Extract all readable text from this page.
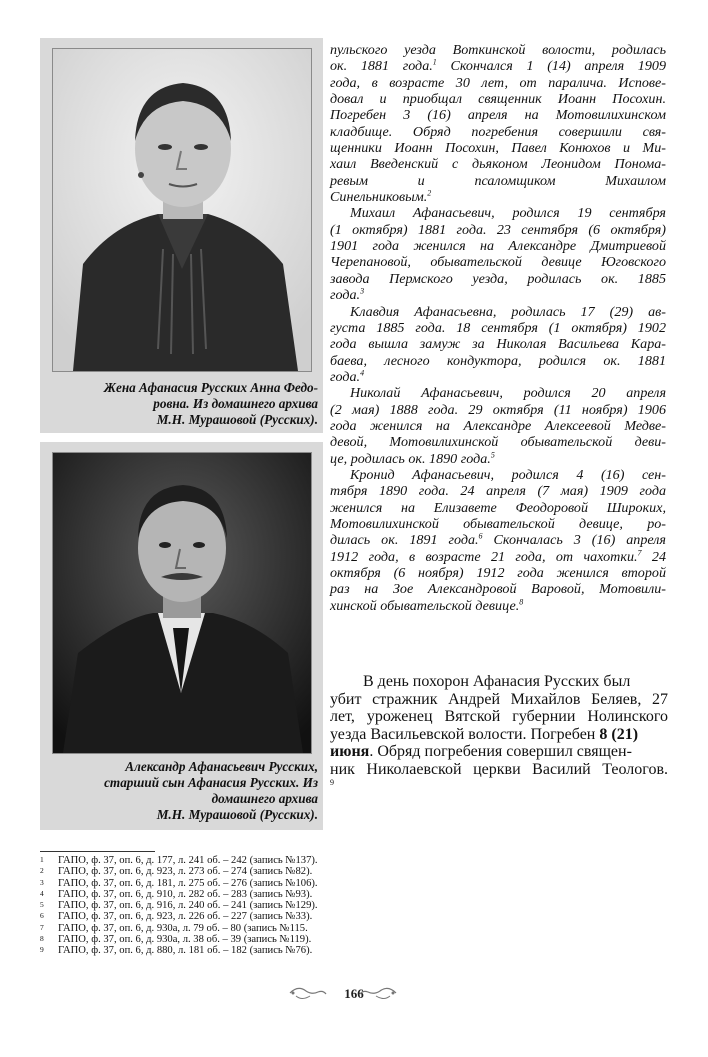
Жена Афанасия Русских Анна Федо-
ровна. Из домашнего архива
М.Н. Мурашовой (Русских).
Александр Афанасьевич Русских,
старший сын Афанасия Русских. Из
домашнего архива
М.Н. Мурашовой (Русских).
пульского уезда Воткинской волости, родилась
ок. 1881 года.$^1$ Скончался 1 (14) апреля 1909
года, в возрасте 30 лет, от паралича. Испове-
довал и приобщал священник Иоанн Посохин.
Погребен 3 (16) апреля на Мотовилихинском
кладбище. Обряд погребения совершили свя-
щенники Иоанн Посохин, Павел Конюхов и Ми-
хаил Введенский с дьяконом Леонидом Понома-
ревым и псаломщиком Михаилом
Синельниковым.$^2$
Михаил Афанасьевич, родился 19 сентября
(1 октября) 1881 года. 23 сентября (6 октября)
1901 года женился на Александре Дмитриевой
Черепановой, обывательской девице Юговского
завода Пермского уезда, родилась ок. 1885
года.$^3$
Клавдия Афанасьевна, родилась 17 (29) ав-
густа 1885 года. 18 сентября (1 октября) 1902
года вышла замуж за Николая Васильева Кара-
баева, лесного кондуктора, родился ок. 1881
года.$^4$
Николай Афанасьевич, родился 20 апреля
(2 мая) 1888 года. 29 октября (11 ноября) 1906
года женился на Александре Алексеевой Медве-
девой, Мотовилихинской обывательской деви-
це, родилась ок. 1890 года.$^5$
Кронид Афанасьевич, родился 4 (16) сен-
тября 1890 года. 24 апреля (7 мая) 1909 года
женился на Елизавете Феодоровой Широких,
Мотовилихинской обывательской девице, ро-
дилась ок. 1891 года.$^6$ Скончалась 3 (16) апреля
1912 года, в возрасте 21 года, от чахотки.$^7$ 24
октября (6 ноября) 1912 года женился второй
раз на Зое Александровой Варовой, Мотовили-
хинской обывательской девице.$^8$
В день похорон Афанасия Русских был
убит стражник Андрей Михайлов Беляев, 27
лет, уроженец Вятской губернии Нолинского
уезда Васильевской волости. Погребен 8 (21)
июня. Обряд погребения совершил священ-
ник Николаевской церкви Василий Теологов.
9
1	ГАПО, ф. 37, оп. 6, д. 177, л. 241 об. – 242 (запись №137).
2	ГАПО, ф. 37, оп. 6, д. 923, л. 273 об. – 274 (запись №82).
3	ГАПО, ф. 37, оп. 6, д. 181, л. 275 об. – 276 (запись №106).
4	ГАПО, ф. 37, оп. 6, д. 910, л. 282 об. – 283 (запись №93).
5	ГАПО, ф. 37, оп. 6, д. 916, л. 240 об. – 241 (запись №129).
6	ГАПО, ф. 37, оп. 6, д. 923, л. 226 об. – 227 (запись №33).
7	ГАПО, ф. 37, оп. 6, д. 930а, л. 79 об. – 80 (запись №115.
8	ГАПО, ф. 37, оп. 6, д. 930а, л. 38 об. – 39 (запись №119).
9	ГАПО, ф. 37, оп. 6, д. 880, л. 181 об. – 182 (запись №76).
166
